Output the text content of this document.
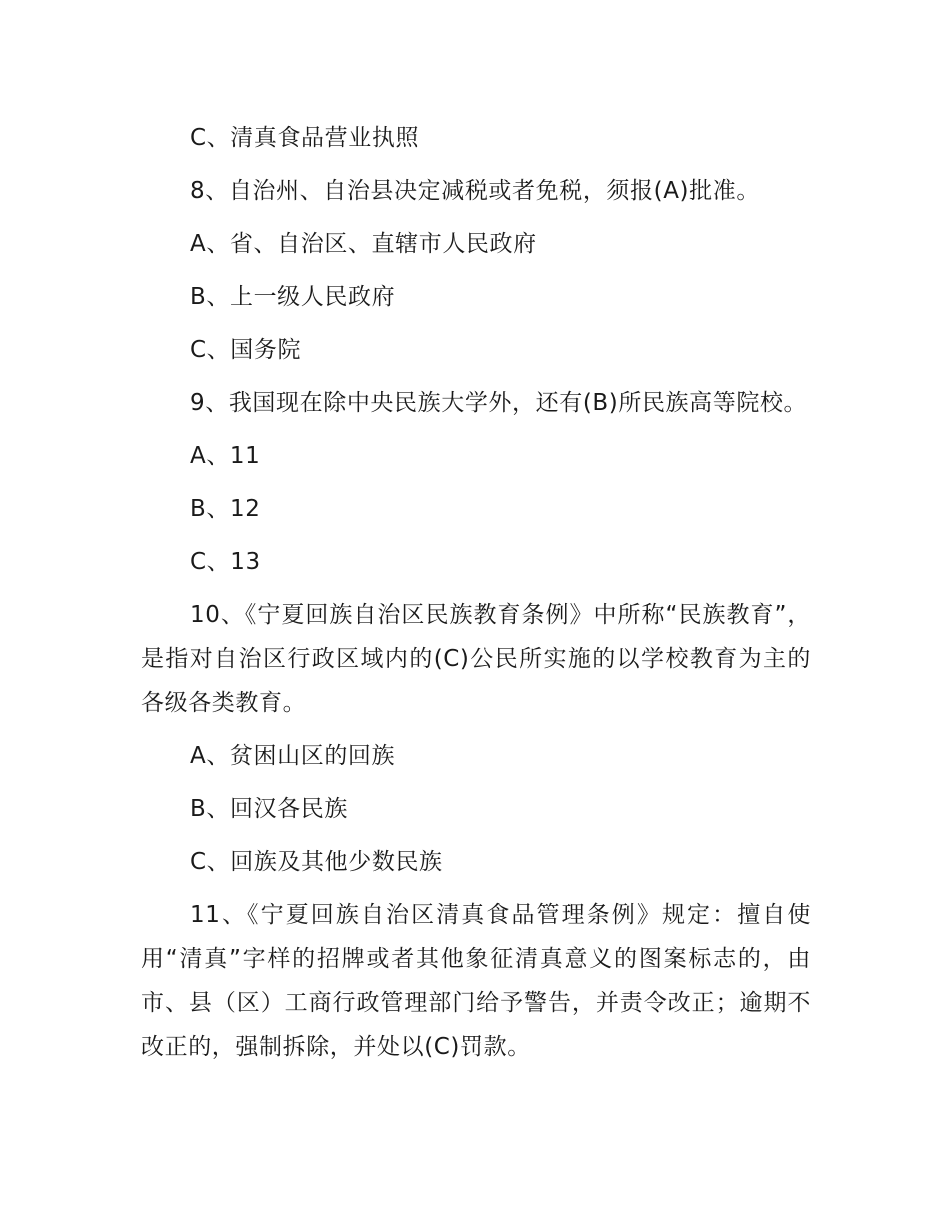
C、清真食品营业执照

8、自治州、自治县决定减税或者免税，须报(A)批准。

A、省、自治区、直辖市人民政府

B、上一级人民政府

C、国务院

9、我国现在除中央民族大学外，还有(B)所民族高等院校。

A、11

B、12

C、13

10、《宁夏回族自治区民族教育条例》中所称“民族教育”，是指对自治区行政区域内的(C)公民所实施的以学校教育为主的各级各类教育。

A、贫困山区的回族

B、回汉各民族

C、回族及其他少数民族

11、《宁夏回族自治区清真食品管理条例》规定：擅自使用“清真”字样的招牌或者其他象征清真意义的图案标志的，由市、县（区）工商行政管理部门给予警告，并责令改正；逾期不改正的，强制拆除，并处以(C)罚款。
